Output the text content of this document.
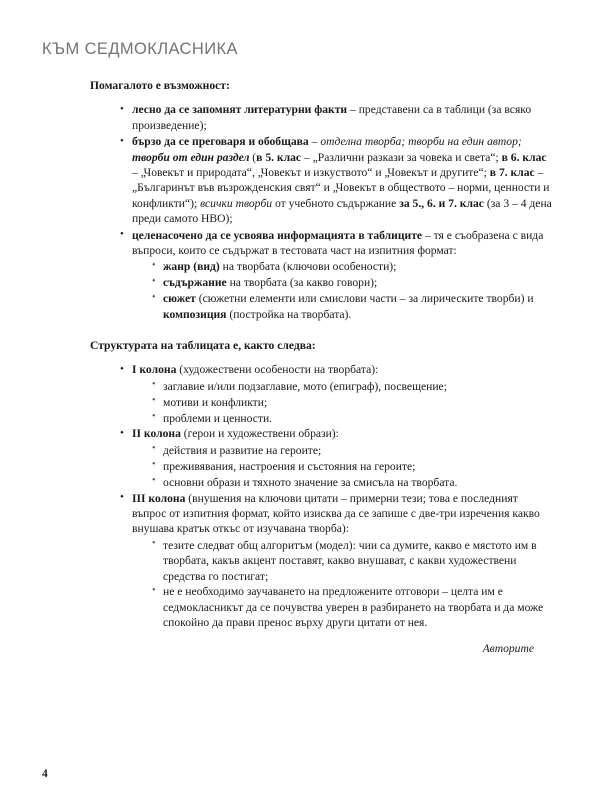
КЪМ СЕДМОКЛАСНИКА

Помагалото е възможност:

• лесно да се запомнят литературни факти – представени са в таблици (за всяко произведение);
• бързо да се преговаря и обобщава – отделна творба; творби на един автор; творби от един раздел (в 5. клас – „Различни разкази за човека и света“; в 6. клас – „Човекът и природата“, „Човекът и изкуството“ и „Човекът и другите“; в 7. клас – „Българинът във възрожденския свят“ и „Човекът в обществото – норми, ценности и конфликти“); всички творби от учебното съдържание за 5., 6. и 7. клас (за 3 – 4 дена преди самото НВО);
• целенасочено да се усвоява информацията в таблиците – тя е съобразена с вида въпроси, които се съдържат в тестовата част на изпитния формат:
• жанр (вид) на творбата (ключови особености);
• съдържание на творбата (за какво говори);
• сюжет (сюжетни елементи или смислови части – за лирическите творби) и композиция (постройка на творбата).

Структурата на таблицата е, както следва:

• I колона (художествени особености на творбата):
• заглавие и/или подзаглавие, мото (епиграф), посвещение;
• мотиви и конфликти;
• проблеми и ценности.
• II колона (герои и художествени образи):
• действия и развитие на героите;
• преживявания, настроения и състояния на героите;
• основни образи и тяхното значение за смисъла на творбата.
• III колона (внушения на ключови цитати – примерни тези; това е последният въпрос от изпитния формат, който изисква да се запише с две-три изречения какво внушава кратък откъс от изучавана творба):
• тезите следват общ алгоритъм (модел): чии са думите, какво е мястото им в творбата, какъв акцент поставят, какво внушават, с какви художествени средства го постигат;
• не е необходимо заучаването на предложените отговори – целта им е седмокласникът да се почувства уверен в разбирането на творбата и да може спокойно да прави пренос върху други цитати от нея.
Авторите
4
